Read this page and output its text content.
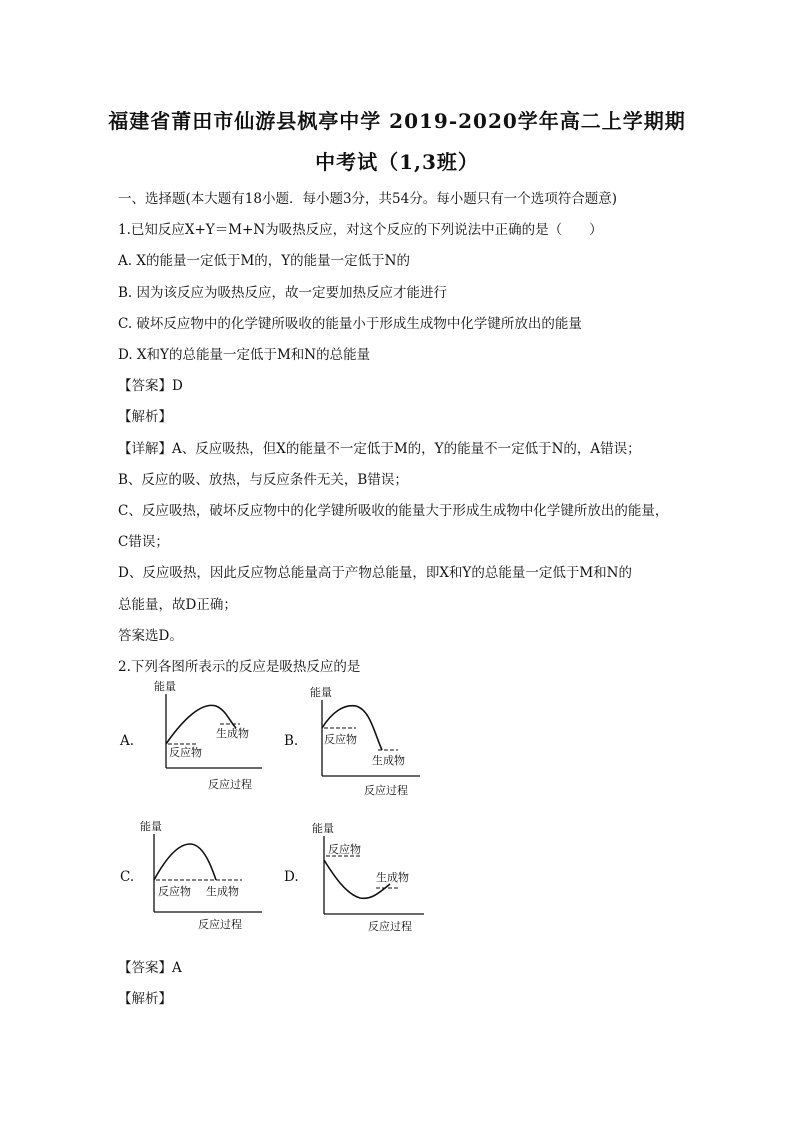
福建省莆田市仙游县枫亭中学 2019-2020学年高二上学期期
中考试（1,3班）
一、选择题(本大题有18小题．每小题3分，共54分。每小题只有一个选项符合题意)
1.已知反应X+Y＝M+N为吸热反应，对这个反应的下列说法中正确的是（　　）
A. X的能量一定低于M的，Y的能量一定低于N的
B. 因为该反应为吸热反应，故一定要加热反应才能进行
C. 破坏反应物中的化学键所吸收的能量小于形成生成物中化学键所放出的能量
D. X和Y的总能量一定低于M和N的总能量
【答案】D
【解析】
【详解】A、反应吸热，但X的能量不一定低于M的，Y的能量不一定低于N的，A错误；
B、反应的吸、放热，与反应条件无关，B错误；
C、反应吸热，破坏反应物中的化学键所吸收的能量大于形成生成物中化学键所放出的能量，
C错误；
D、反应吸热，因此反应物总能量高于产物总能量，即X和Y的总能量一定低于M和N的
总能量，故D正确；
答案选D。
2.下列各图所表示的反应是吸热反应的是
A.
能量
反应过程
反应物
生成物	B.
能量
反应过程
反应物
生成物
C.
能量
反应过程
反应物 生成物
D.
能量
反应过程
反应物
生成物
【答案】A
【解析】
